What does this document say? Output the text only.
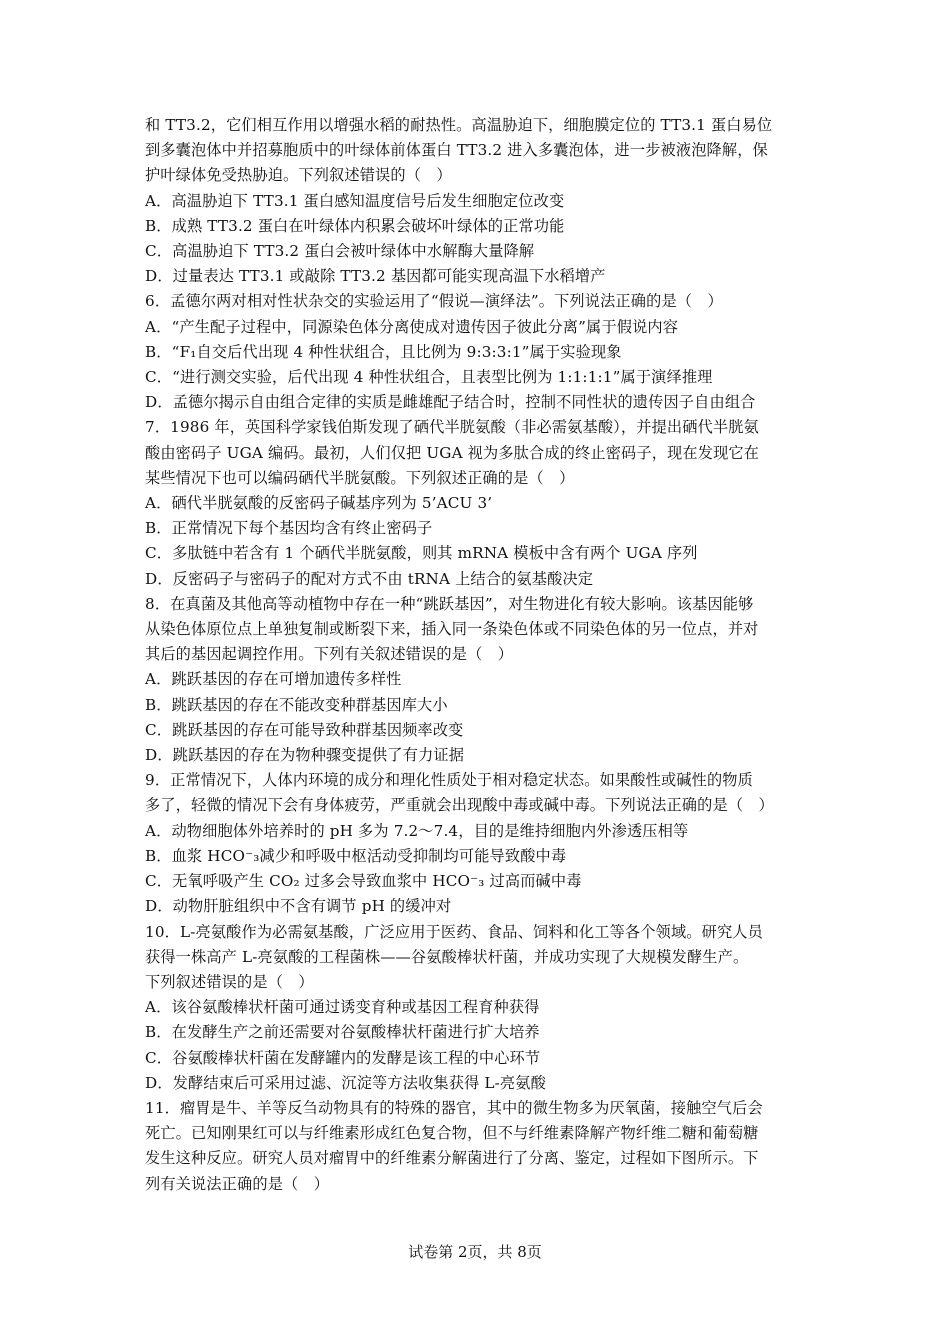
和 TT3.2，它们相互作用以增强水稻的耐热性。高温胁迫下，细胞膜定位的 TT3.1 蛋白易位
到多囊泡体中并招募胞质中的叶绿体前体蛋白 TT3.2 进入多囊泡体，进一步被液泡降解，保
护叶绿体免受热胁迫。下列叙述错误的（　）
A．高温胁迫下 TT3.1 蛋白感知温度信号后发生细胞定位改变
B．成熟 TT3.2 蛋白在叶绿体内积累会破坏叶绿体的正常功能
C．高温胁迫下 TT3.2 蛋白会被叶绿体中水解酶大量降解
D．过量表达 TT3.1 或敲除 TT3.2 基因都可能实现高温下水稻增产
6．孟德尔两对相对性状杂交的实验运用了“假说—演绎法”。下列说法正确的是（　）
A．“产生配子过程中，同源染色体分离使成对遗传因子彼此分离”属于假说内容
B．“F₁自交后代出现 4 种性状组合，且比例为 9:3:3:1”属于实验现象
C．“进行测交实验，后代出现 4 种性状组合，且表型比例为 1:1:1:1”属于演绎推理
D．孟德尔揭示自由组合定律的实质是雌雄配子结合时，控制不同性状的遗传因子自由组合
7．1986 年，英国科学家钱伯斯发现了硒代半胱氨酸（非必需氨基酸），并提出硒代半胱氨
酸由密码子 UGA 编码。最初，人们仅把 UGA 视为多肽合成的终止密码子，现在发现它在
某些情况下也可以编码硒代半胱氨酸。下列叙述正确的是（　）
A．硒代半胱氨酸的反密码子碱基序列为 5’ACU 3’
B．正常情况下每个基因均含有终止密码子
C．多肽链中若含有 1 个硒代半胱氨酸，则其 mRNA 模板中含有两个 UGA 序列
D．反密码子与密码子的配对方式不由 tRNA 上结合的氨基酸决定
8．在真菌及其他高等动植物中存在一种“跳跃基因”，对生物进化有较大影响。该基因能够
从染色体原位点上单独复制或断裂下来，插入同一条染色体或不同染色体的另一位点，并对
其后的基因起调控作用。下列有关叙述错误的是（　）
A．跳跃基因的存在可增加遗传多样性
B．跳跃基因的存在不能改变种群基因库大小
C．跳跃基因的存在可能导致种群基因频率改变
D．跳跃基因的存在为物种骤变提供了有力证据
9．正常情况下，人体内环境的成分和理化性质处于相对稳定状态。如果酸性或碱性的物质
多了，轻微的情况下会有身体疲劳，严重就会出现酸中毒或碱中毒。下列说法正确的是（　）
A．动物细胞体外培养时的 pH 多为 7.2～7.4，目的是维持细胞内外渗透压相等
B．血浆 HCO⁻₃减少和呼吸中枢活动受抑制均可能导致酸中毒
C．无氧呼吸产生 CO₂ 过多会导致血浆中 HCO⁻₃ 过高而碱中毒
D．动物肝脏组织中不含有调节 pH 的缓冲对
10．L-亮氨酸作为必需氨基酸，广泛应用于医药、食品、饲料和化工等各个领域。研究人员
获得一株高产 L-亮氨酸的工程菌株——谷氨酸棒状杆菌，并成功实现了大规模发酵生产。
下列叙述错误的是（　）
A．该谷氨酸棒状杆菌可通过诱变育种或基因工程育种获得
B．在发酵生产之前还需要对谷氨酸棒状杆菌进行扩大培养
C．谷氨酸棒状杆菌在发酵罐内的发酵是该工程的中心环节
D．发酵结束后可采用过滤、沉淀等方法收集获得 L-亮氨酸
11．瘤胃是牛、羊等反刍动物具有的特殊的器官，其中的微生物多为厌氧菌，接触空气后会
死亡。已知刚果红可以与纤维素形成红色复合物，但不与纤维素降解产物纤维二糖和葡萄糖
发生这种反应。研究人员对瘤胃中的纤维素分解菌进行了分离、鉴定，过程如下图所示。下
列有关说法正确的是（　）
试卷第 2页，共 8页
